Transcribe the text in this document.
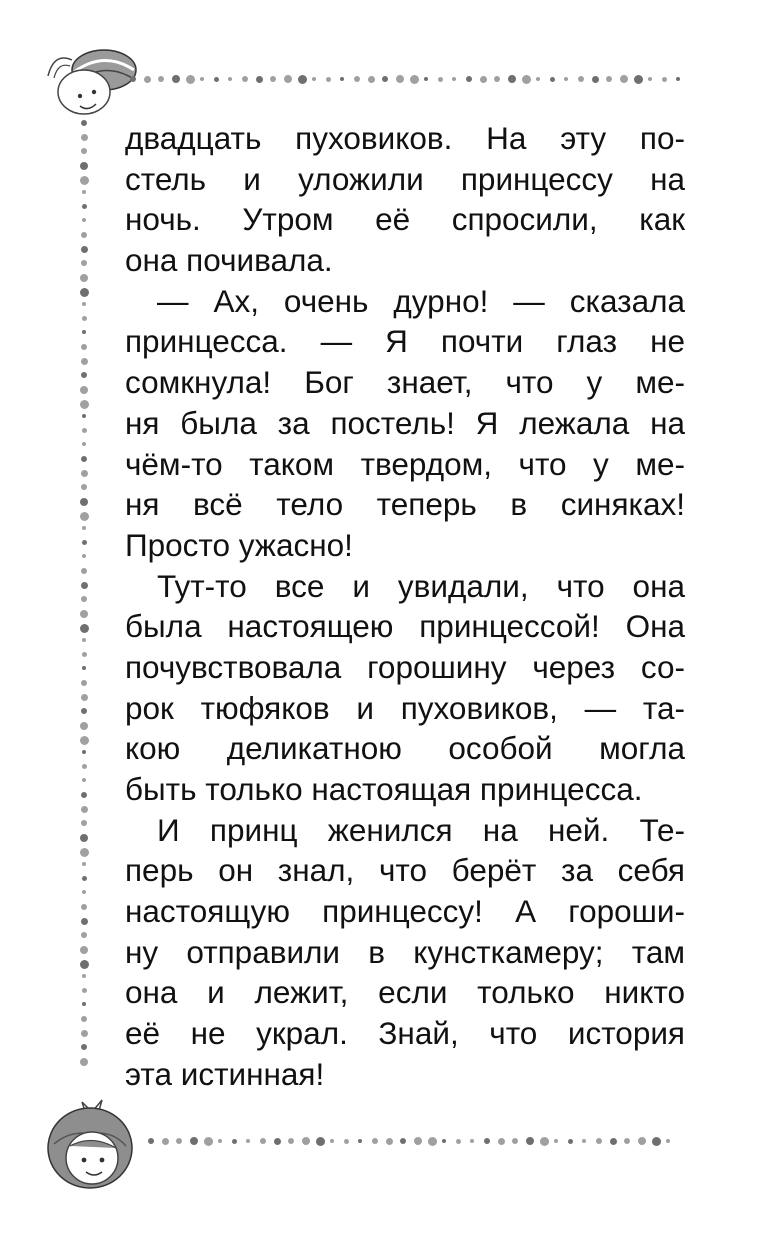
двадцать пуховиков. На эту по-
стель и уложили принцессу на
ночь. Утром её спросили, как
она почивала.
— Ах, очень дурно! — сказала
принцесса. — Я почти глаз не
сомкнула! Бог знает, что у ме-
ня была за постель! Я лежала на
чём-то таком твердом, что у ме-
ня всё тело теперь в синяках!
Просто ужасно!
Тут-то все и увидали, что она
была настоящею принцессой! Она
почувствовала горошину через со-
рок тюфяков и пуховиков, — та-
кою деликатною особой могла
быть только настоящая принцесса.
И принц женился на ней. Те-
перь он знал, что берёт за себя
настоящую принцессу! А гороши-
ну отправили в кунсткамеру; там
она и лежит, если только никто
её не украл. Знай, что история
эта истинная!
